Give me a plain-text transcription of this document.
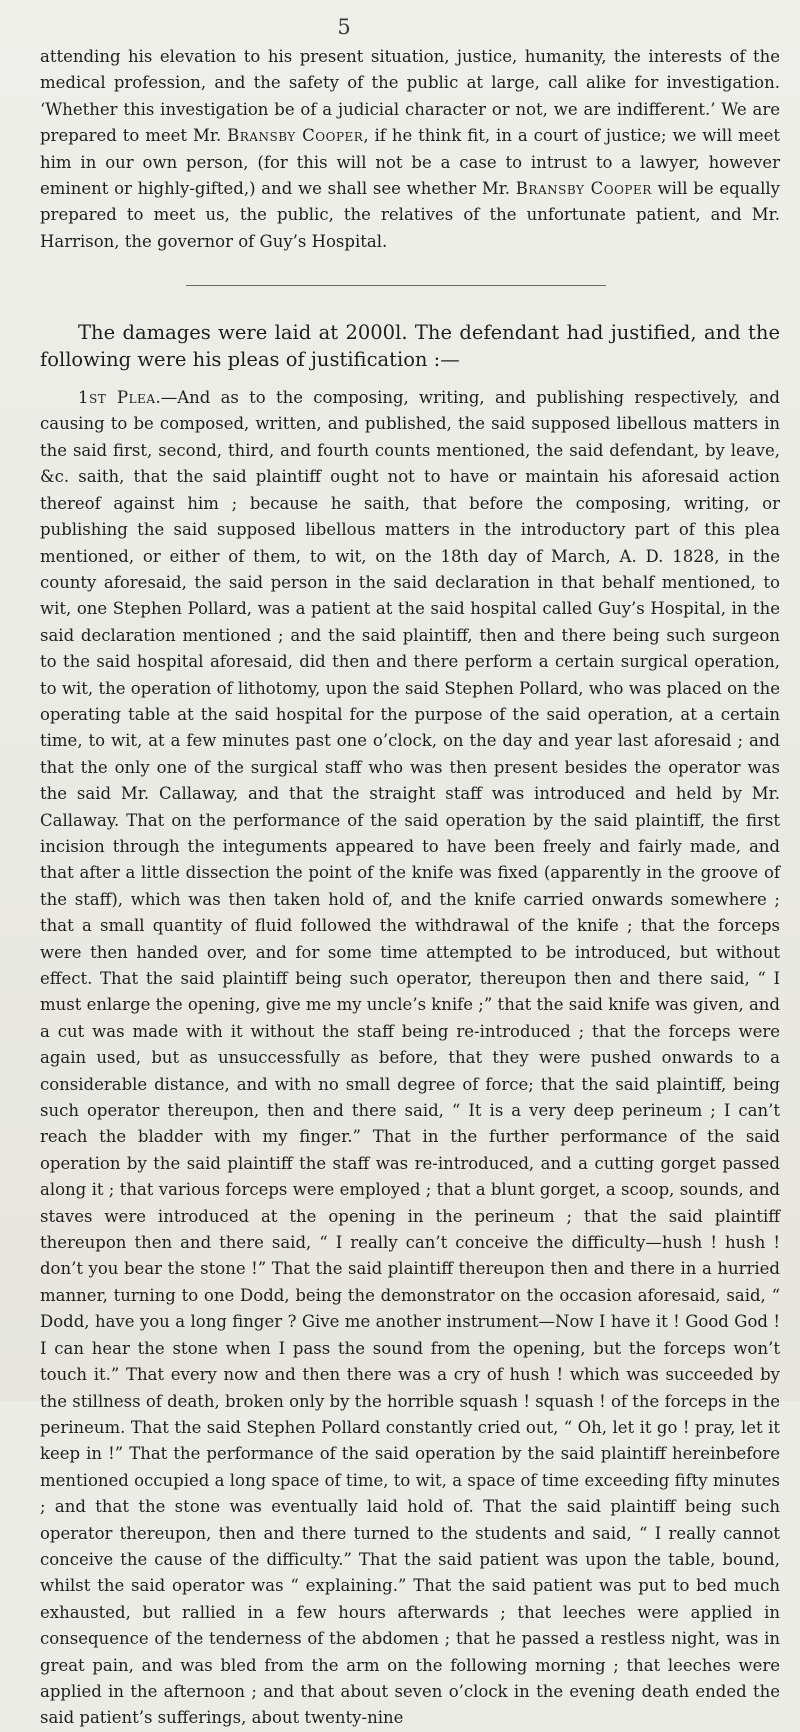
5

attending his elevation to his present situation, justice, humanity, the interests of the medical profession, and the safety of the public at large, call alike for investigation. ‘Whether this investigation be of a judicial character or not, we are indifferent.’ We are prepared to meet Mr. Bransby Cooper, if he think fit, in a court of justice; we will meet him in our own person, (for this will not be a case to intrust to a lawyer, however eminent or highly-gifted,) and we shall see whether Mr. Bransby Cooper will be equally prepared to meet us, the public, the relatives of the unfortunate patient, and Mr. Harrison, the governor of Guy’s Hospital.

The damages were laid at 2000l. The defendant had justified, and the following were his pleas of justification :—

1st Plea.—And as to the composing, writing, and publishing respectively, and causing to be composed, written, and published, the said supposed libellous matters in the said first, second, third, and fourth counts mentioned, the said defendant, by leave, &c. saith, that the said plaintiff ought not to have or maintain his aforesaid action thereof against him ; because he saith, that before the composing, writing, or publishing the said supposed libellous matters in the introductory part of this plea mentioned, or either of them, to wit, on the 18th day of March, A. D. 1828, in the county aforesaid, the said person in the said declaration in that behalf mentioned, to wit, one Stephen Pollard, was a patient at the said hospital called Guy’s Hospital, in the said declaration mentioned ; and the said plaintiff, then and there being such surgeon to the said hospital aforesaid, did then and there perform a certain surgical operation, to wit, the operation of lithotomy, upon the said Stephen Pollard, who was placed on the operating table at the said hospital for the purpose of the said operation, at a certain time, to wit, at a few minutes past one o’clock, on the day and year last aforesaid ; and that the only one of the surgical staff who was then present besides the operator was the said Mr. Callaway, and that the straight staff was introduced and held by Mr. Callaway. That on the performance of the said operation by the said plaintiff, the first incision through the integuments appeared to have been freely and fairly made, and that after a little dissection the point of the knife was fixed (apparently in the groove of the staff), which was then taken hold of, and the knife carried onwards somewhere ; that a small quantity of fluid followed the withdrawal of the knife ; that the forceps were then handed over, and for some time attempted to be introduced, but without effect. That the said plaintiff being such operator, thereupon then and there said, “ I must enlarge the opening, give me my uncle’s knife ;” that the said knife was given, and a cut was made with it without the staff being re-introduced ; that the forceps were again used, but as unsuccessfully as before, that they were pushed onwards to a considerable distance, and with no small degree of force; that the said plaintiff, being such operator thereupon, then and there said, “ It is a very deep perineum ; I can’t reach the bladder with my finger.” That in the further performance of the said operation by the said plaintiff the staff was re-introduced, and a cutting gorget passed along it ; that various forceps were employed ; that a blunt gorget, a scoop, sounds, and staves were introduced at the opening in the perineum ; that the said plaintiff thereupon then and there said, “ I really can’t conceive the difficulty—hush ! hush ! don’t you bear the stone !” That the said plaintiff thereupon then and there in a hurried manner, turning to one Dodd, being the demonstrator on the occasion aforesaid, said, “ Dodd, have you a long finger ? Give me another instrument—Now I have it ! Good God ! I can hear the stone when I pass the sound from the opening, but the forceps won’t touch it.” That every now and then there was a cry of hush ! which was succeeded by the stillness of death, broken only by the horrible squash ! squash ! of the forceps in the perineum. That the said Stephen Pollard constantly cried out, “ Oh, let it go ! pray, let it keep in !” That the performance of the said operation by the said plaintiff hereinbefore mentioned occupied a long space of time, to wit, a space of time exceeding fifty minutes ; and that the stone was eventually laid hold of. That the said plaintiff being such operator thereupon, then and there turned to the students and said, “ I really cannot conceive the cause of the difficulty.” That the said patient was upon the table, bound, whilst the said operator was “ explaining.” That the said patient was put to bed much exhausted, but rallied in a few hours afterwards ; that leeches were applied in consequence of the tenderness of the abdomen ; that he passed a restless night, was in great pain, and was bled from the arm on the following morning ; that leeches were applied in the afternoon ; and that about seven o’clock in the evening death ended the said patient’s sufferings, about twenty-nine
